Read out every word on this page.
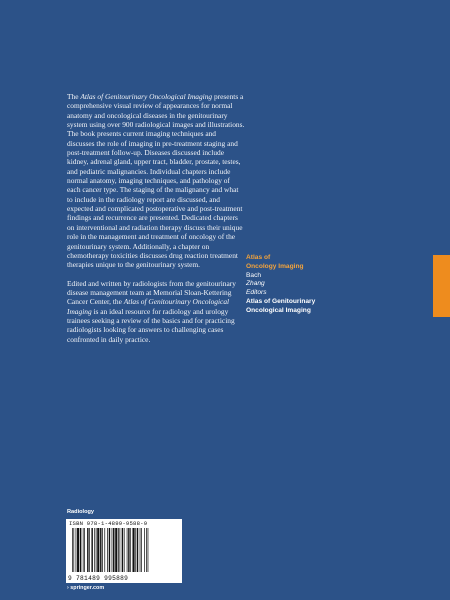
The Atlas of Genitourinary Oncological Imaging presents a comprehensive visual review of appearances for normal anatomy and oncological diseases in the genitourinary system using over 900 radiological images and illustrations. The book presents current imaging techniques and discusses the role of imaging in pre-treatment staging and post-treatment follow-up. Diseases discussed include kidney, adrenal gland, upper tract, bladder, prostate, testes, and pediatric malignancies. Individual chapters include normal anatomy, imaging techniques, and pathology of each cancer type. The staging of the malignancy and what to include in the radiology report are discussed, and expected and complicated postoperative and post-treatment findings and recurrence are presented. Dedicated chapters on interventional and radiation therapy discuss their unique role in the management and treatment of oncology of the genitourinary system. Additionally, a chapter on chemotherapy toxicities discusses drug reaction treatment therapies unique to the genitourinary system.

Edited and written by radiologists from the genitourinary disease management team at Memorial Sloan-Kettering Cancer Center, the Atlas of Genitourinary Oncological Imaging is an ideal resource for radiology and urology trainees seeking a review of the basics and for practicing radiologists looking for answers to challenging cases confronted in daily practice.

Atlas of
Oncology Imaging
Bach
Zhang
Editors
Atlas of Genitourinary
Oncological Imaging
Radiology
ISBN 978-1-4899-9588-9
9 781489 995889
› springer.com
